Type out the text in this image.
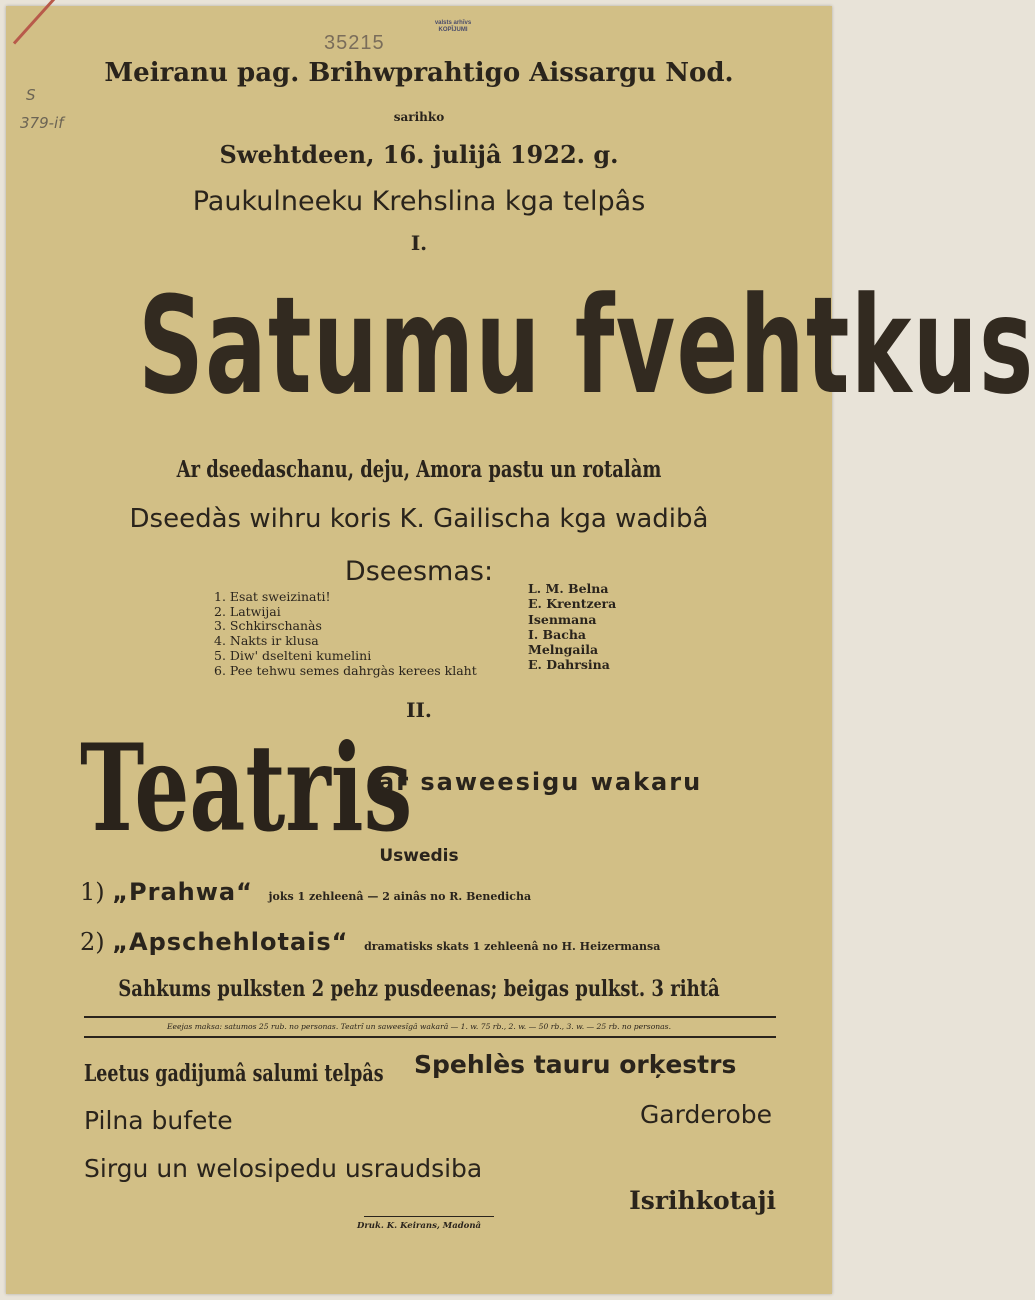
35215
valsts arhīvs
KOPĪJUMI
S
379-if
Meiranu pag. Brihwprahtigo Aissargu Nod.
sarihko
Swehtdeen, 16. julijâ 1922. g.
Paukulneeku Krehslina kga telpâs
I.
Satumu fvehtkus
Ar dseedaschanu, deju, Amora pastu un rotalàm
Dseedàs wihru koris K. Gailischa kga wadibâ
Dseesmas:
1. Esat sweizinati!
2. Latwijai
3. Schkirschanàs
4. Nakts ir klusa
5. Diw' dselteni kumelini
6. Pee tehwu semes dahrgàs kerees klaht
L. M. Belna
E. Krentzera
Isenmana
I. Bacha
Melngaila
E. Dahrsina
II.
Teatris
ar saweesigu wakaru
Uswedis
1) „Prahwa“ joks 1 zehleenâ — 2 ainâs no R. Benedicha
2) „Apschehlotais“ dramatisks skats 1 zehleenâ no H. Heizermansa
Sahkums pulksten 2 pehz pusdeenas; beigas pulkst. 3 rihtâ
Eeejas maksa: satumos 25 rub. no personas. Teatrî un saweesîgâ wakarâ — 1. w. 75 rb., 2. w. — 50 rb., 3. w. — 25 rb. no personas.
Leetus gadijumâ salumi telpâs
Pilna bufete
Sirgu un welosipedu usraudsiba
Spehlès tauru orķestrs
Garderobe
Isrihkotaji
Druk. K. Keirans, Madonâ
